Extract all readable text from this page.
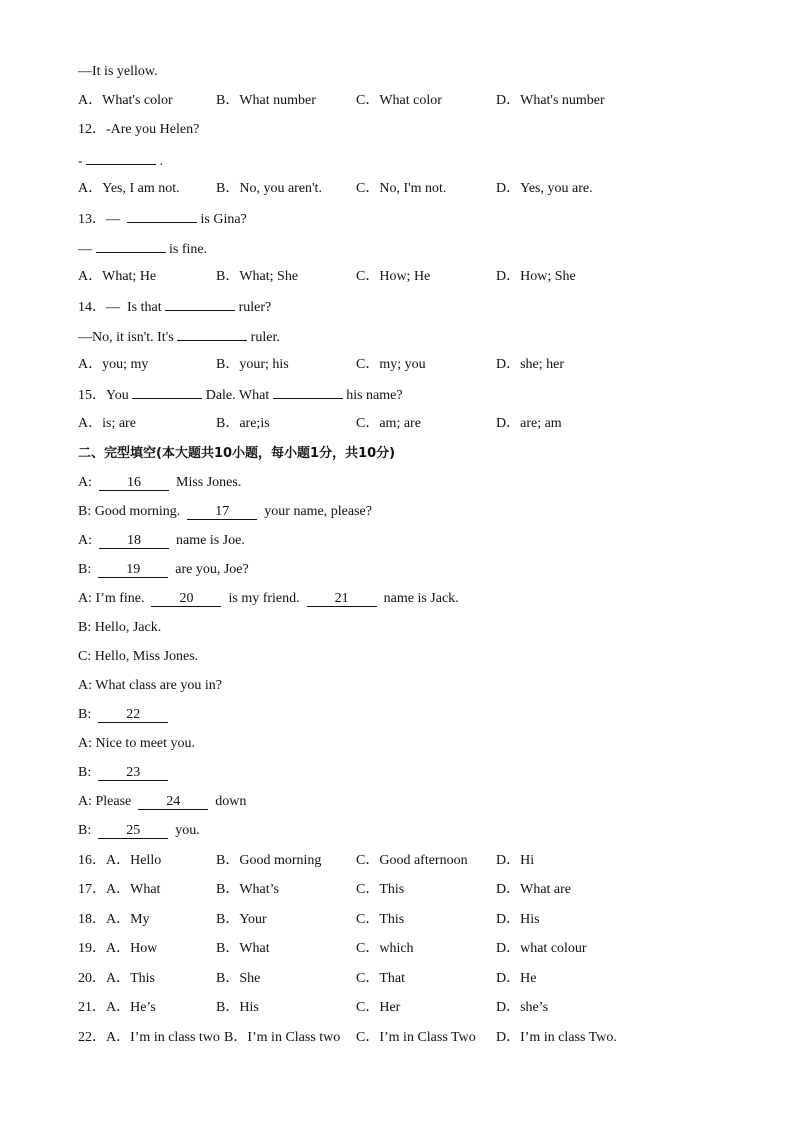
—It is yellow.
A．What's color	B．What number	C．What color	D．What's number
12．-Are you Helen?
-	.
A．Yes, I am not.	B．No, you aren't. C．No, I'm not.	D．Yes, you are.
13．—	is Gina?
—	is fine.
A．What; He	B．What; She	C．How; He	D．How; She
14．—  Is that	ruler?
—No, it isn't. It's	ruler.
A．you; my	B．your; his	C．my; you	D．she; her
15．You	Dale. What	his name?
A．is; are	B．are;is	C．am; are	D．are; am
二、完型填空(本大题共10小题，每小题1分，共10分)
A:  16  Miss Jones.
B: Good morning.  17  your name, please?
A:  18  name is Joe.
B:  19  are you, Joe?
A: I’m fine.  20  is my friend.  21  name is Jack.
B: Hello, Jack.
C: Hello, Miss Jones.
A: What class are you in?
B:  22
A: Nice to meet you.
B:  23
A: Please  24  down
B:  25  you.
16．A．Hello	B．Good morning C．Good afternoon D．Hi
17．A．What	B．What’s	C．This	D．What are
18．A．My	B．Your	C．This	D．His
19．A．How	B．What	C．which	D．what colour
20．A．This	B．She	C．That	D．He
21．A．He’s	B．His	C．Her	D．she’s
22．A．I’m in class two B．I’m in Class two C．I’m in Class Two D．I’m in class Two.
